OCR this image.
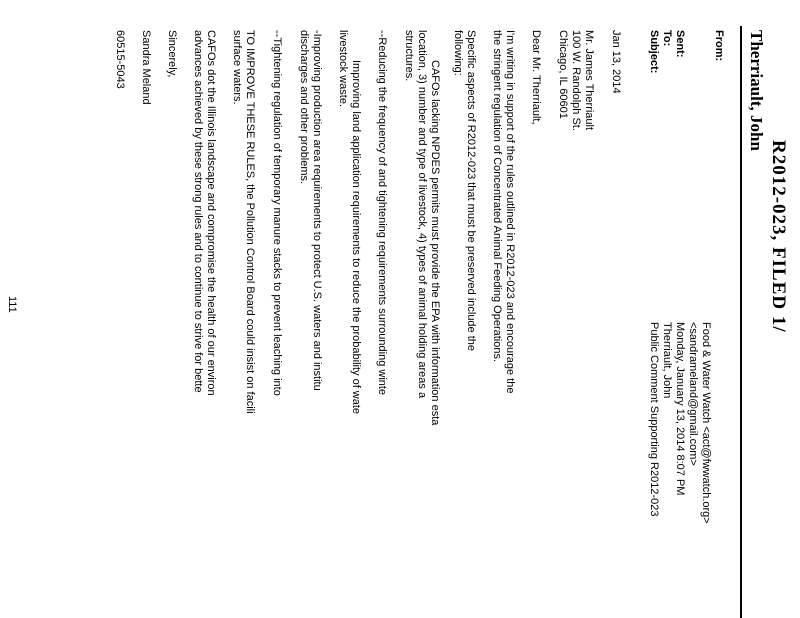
R2012-023, FILED 1/
Therriault, John
From:
Food & Water Watch <act@fwwatch.org>
<sandrameland@gmail.com>
Sent:
Monday, January 13, 2014 8:07 PM
To:
Therriault, John
Subject:
Public Comment Supporting R2012-023
Jan 13, 2014
Mr. James Therriault
100 W. Randolph St.
Chicago, IL 60601
Dear Mr. Therriault,
I'm writing in support of the rules outlined in R2012-023 and encourage the
the stringent regulation of Concentrated Animal Feeding Operations.
Specific aspects of R2012-023 that must be preserved include the
following:
CAFOs lacking NPDES permits must provide the EPA with information esta
location, 3) number and type of livestock, 4) types of animal holding areas a
structures.
--Reducing the frequency of and tightening requirements surrounding winte
Improving land application requirements to reduce the probability of wate
livestock waste.
-Improving production area requirements to protect U.S. waters and institu
discharges and other problems.
--Tightening regulation of temporary manure stacks to prevent leaching into
TO IMPROVE THESE RULES, the Pollution Control Board could insist on facili
surface waters.
CAFOs dot the Illinois landscape and compromise the health of our environ
advances achieved by these strong rules and to continue to strive for bette
Sincerely,
Sandra Meland
60515-5043
111
